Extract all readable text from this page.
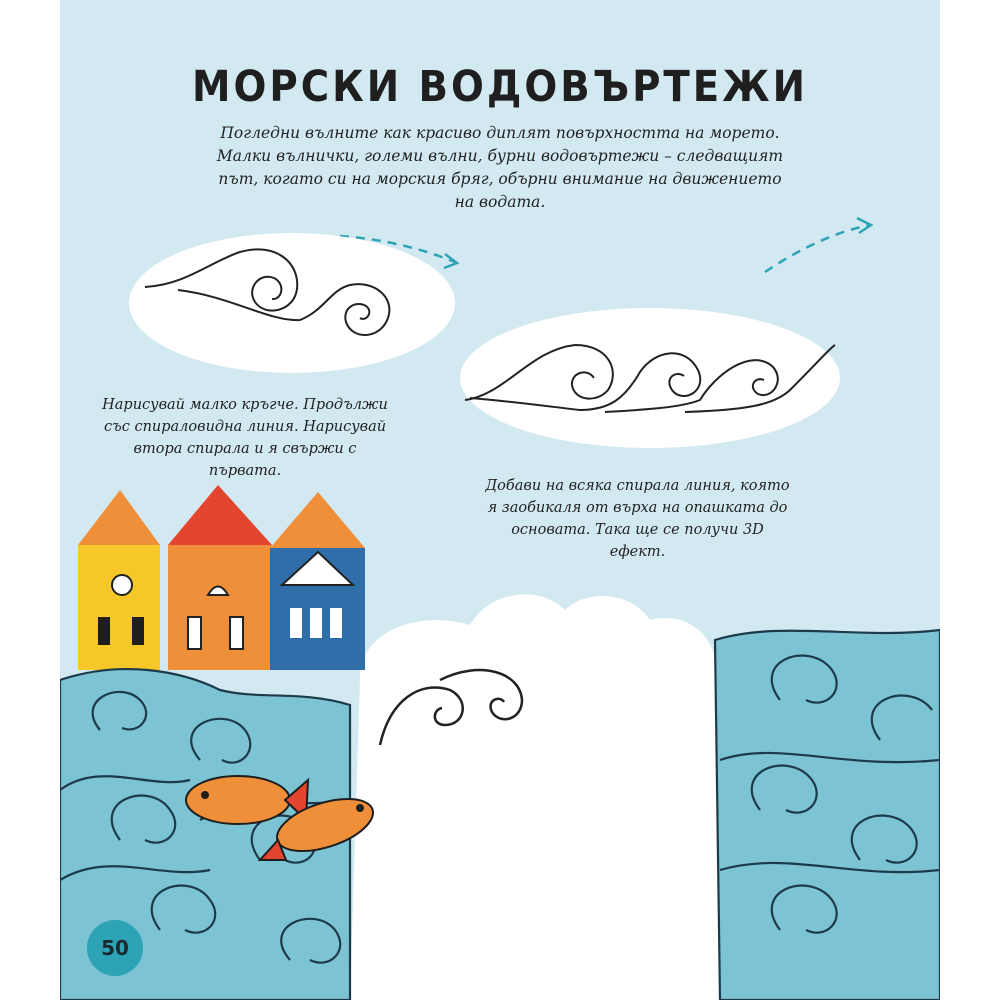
МОРСКИ ВОДОВЪРТЕЖИ

Погледни вълните как красиво диплят повърхността на морето. Малки вълнички, големи вълни, бурни водовъртежи – следващият път, когато си на морския бряг, обърни внимание на движението на водата.

Нарисувай малко кръгче. Продължи със спираловидна линия. Нарисувай втора спирала и я свържи с първата.

Добави на всяка спирала линия, която я заобикаля от върха на опашката до основата. Така ще се получи 3D ефект.

50
